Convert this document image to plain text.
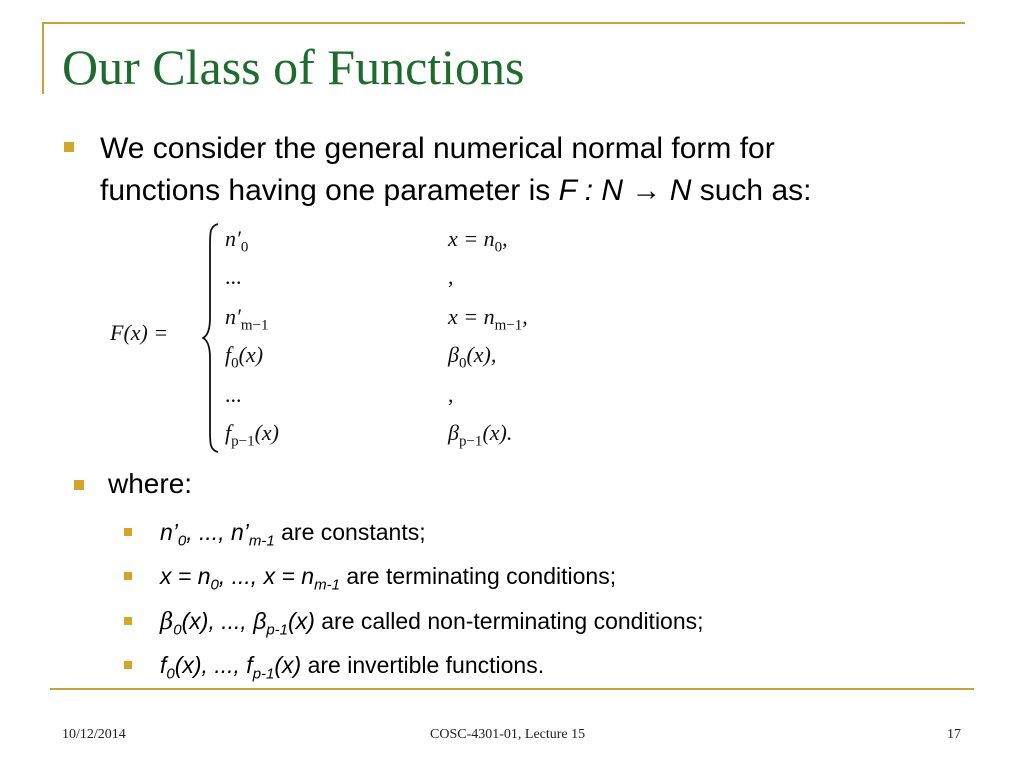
Our Class of Functions
We consider the general numerical normal form for
functions having one parameter is F : N → N such as:
F(x) =
$n'_0$	$x = n_0$,
...	,
$n'_{m-1}$	$x = n_{m-1}$,
$f_0(x)$	$\beta_0(x)$,
...	,
$f_{p-1}(x)$	$\beta_{p-1}(x)$.
where:
$n’_0$, ..., $n’_{m-1}$ are constants;
$x = n_0$, ..., $x = n_{m-1}$ are terminating conditions;
$\beta_0(x)$, ..., $\beta_{p-1}(x)$ are called non-terminating conditions;
$f_0(x)$, ..., $f_{p-1}(x)$ are invertible functions.
10/12/2014	COSC-4301-01, Lecture 15	17
